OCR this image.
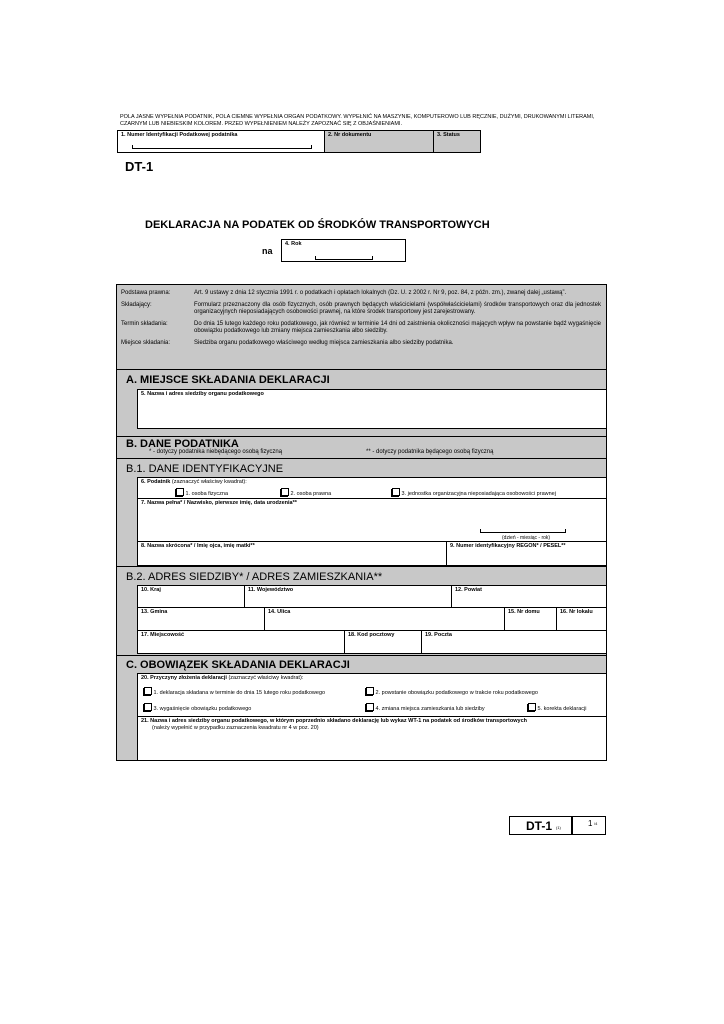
POLA JASNE WYPEŁNIA PODATNIK, POLA CIEMNE WYPEŁNIA ORGAN PODATKOWY. WYPEŁNIĆ NA MASZYNIE, KOMPUTEROWO LUB RĘCZNIE, DUŻYMI, DRUKOWANYMI LITERAMI, CZARNYM LUB NIEBIESKIM KOLOREM. PRZED WYPEŁNIENIEM NALEŻY ZAPOZNAĆ SIĘ Z OBJAŚNIENIAMI.
1. Numer Identyfikacji Podatkowej podatnika	2. Nr dokumentu	3. Status
DT-1
DEKLARACJA NA PODATEK OD ŚRODKÓW TRANSPORTOWYCH
na
4. Rok
Podstawa prawna:	Art. 9 ustawy z dnia 12 stycznia 1991 r. o podatkach i opłatach lokalnych (Dz. U. z 2002 r. Nr 9, poz. 84, z późn. zm.), zwanej dalej „ustawą”.
Składający:	Formularz przeznaczony dla osób fizycznych, osób prawnych będących właścicielami (współwłaścicielami) środków transportowych oraz dla jednostek organizacyjnych nieposiadających osobowości prawnej, na które środek transportowy jest zarejestrowany.
Termin składania:	Do dnia 15 lutego każdego roku podatkowego, jak również w terminie 14 dni od zaistnienia okoliczności mających wpływ na powstanie bądź wygaśnięcie obowiązku podatkowego lub zmiany miejsca zamieszkania albo siedziby.
Miejsce składania:	Siedziba organu podatkowego właściwego według miejsca zamieszkania albo siedziby podatnika.
A. MIEJSCE SKŁADANIA DEKLARACJI
5. Nazwa i adres siedziby organu podatkowego
B. DANE PODATNIKA
* - dotyczy podatnika niebędącego osobą fizyczną	** - dotyczy podatnika będącego osobą fizyczną
B.1. DANE IDENTYFIKACYJNE
6. Podatnik (zaznaczyć właściwy kwadrat):
1. osoba fizyczna	2. osoba prawna	3. jednostka organizacyjna nieposiadająca osobowości prawnej
7. Nazwa pełna* / Nazwisko, pierwsze imię, data urodzenia**
(dzień - miesiąc - rok)
8. Nazwa skrócona* / Imię ojca, imię matki**	9. Numer identyfikacyjny REGON* / PESEL**
B.2. ADRES SIEDZIBY* / ADRES ZAMIESZKANIA**
10. Kraj	11. Województwo	12. Powiat
13. Gmina	14. Ulica	15. Nr domu	16. Nr lokalu
17. Miejscowość	18. Kod pocztowy	19. Poczta
C. OBOWIĄZEK SKŁADANIA DEKLARACJI
20. Przyczyny złożenia deklaracji (zaznaczyć właściwy kwadrat):
1. deklaracja składana w terminie do dnia 15 lutego roku podatkowego	2. powstanie obowiązku podatkowego w trakcie roku podatkowego
3. wygaśnięcie obowiązku podatkowego	4. zmiana miejsca zamieszkania lub siedziby	5. korekta deklaracji
21. Nazwa i adres siedziby organu podatkowego, w którym poprzednio składano deklarację lub wykaz WT-1 na podatek od środków transportowych
(należy wypełnić w przypadku zaznaczenia kwadratu nr 4 w poz. 20)
DT-1 (1)	1 /4
